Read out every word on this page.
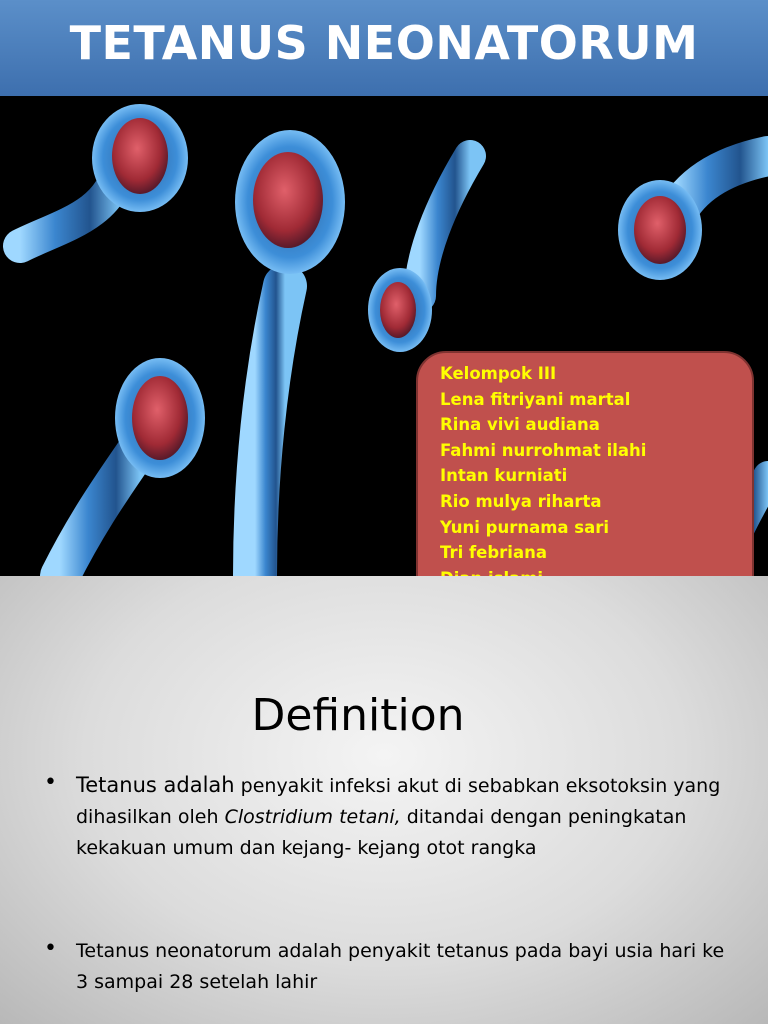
TETANUS NEONATORUM
Kelompok III
Lena fitriyani martal
Rina vivi audiana
Fahmi nurrohmat ilahi
Intan kurniati
Rio mulya riharta
Yuni purnama sari
Tri febriana
Definition
• Tetanus adalah penyakit infeksi akut di sebabkan eksotoksin yang dihasilkan oleh Clostridium tetani, ditandai dengan peningkatan kekakuan umum dan kejang- kejang otot rangka
• Tetanus neonatorum adalah penyakit tetanus pada bayi usia hari ke 3 sampai 28 setelah lahir
